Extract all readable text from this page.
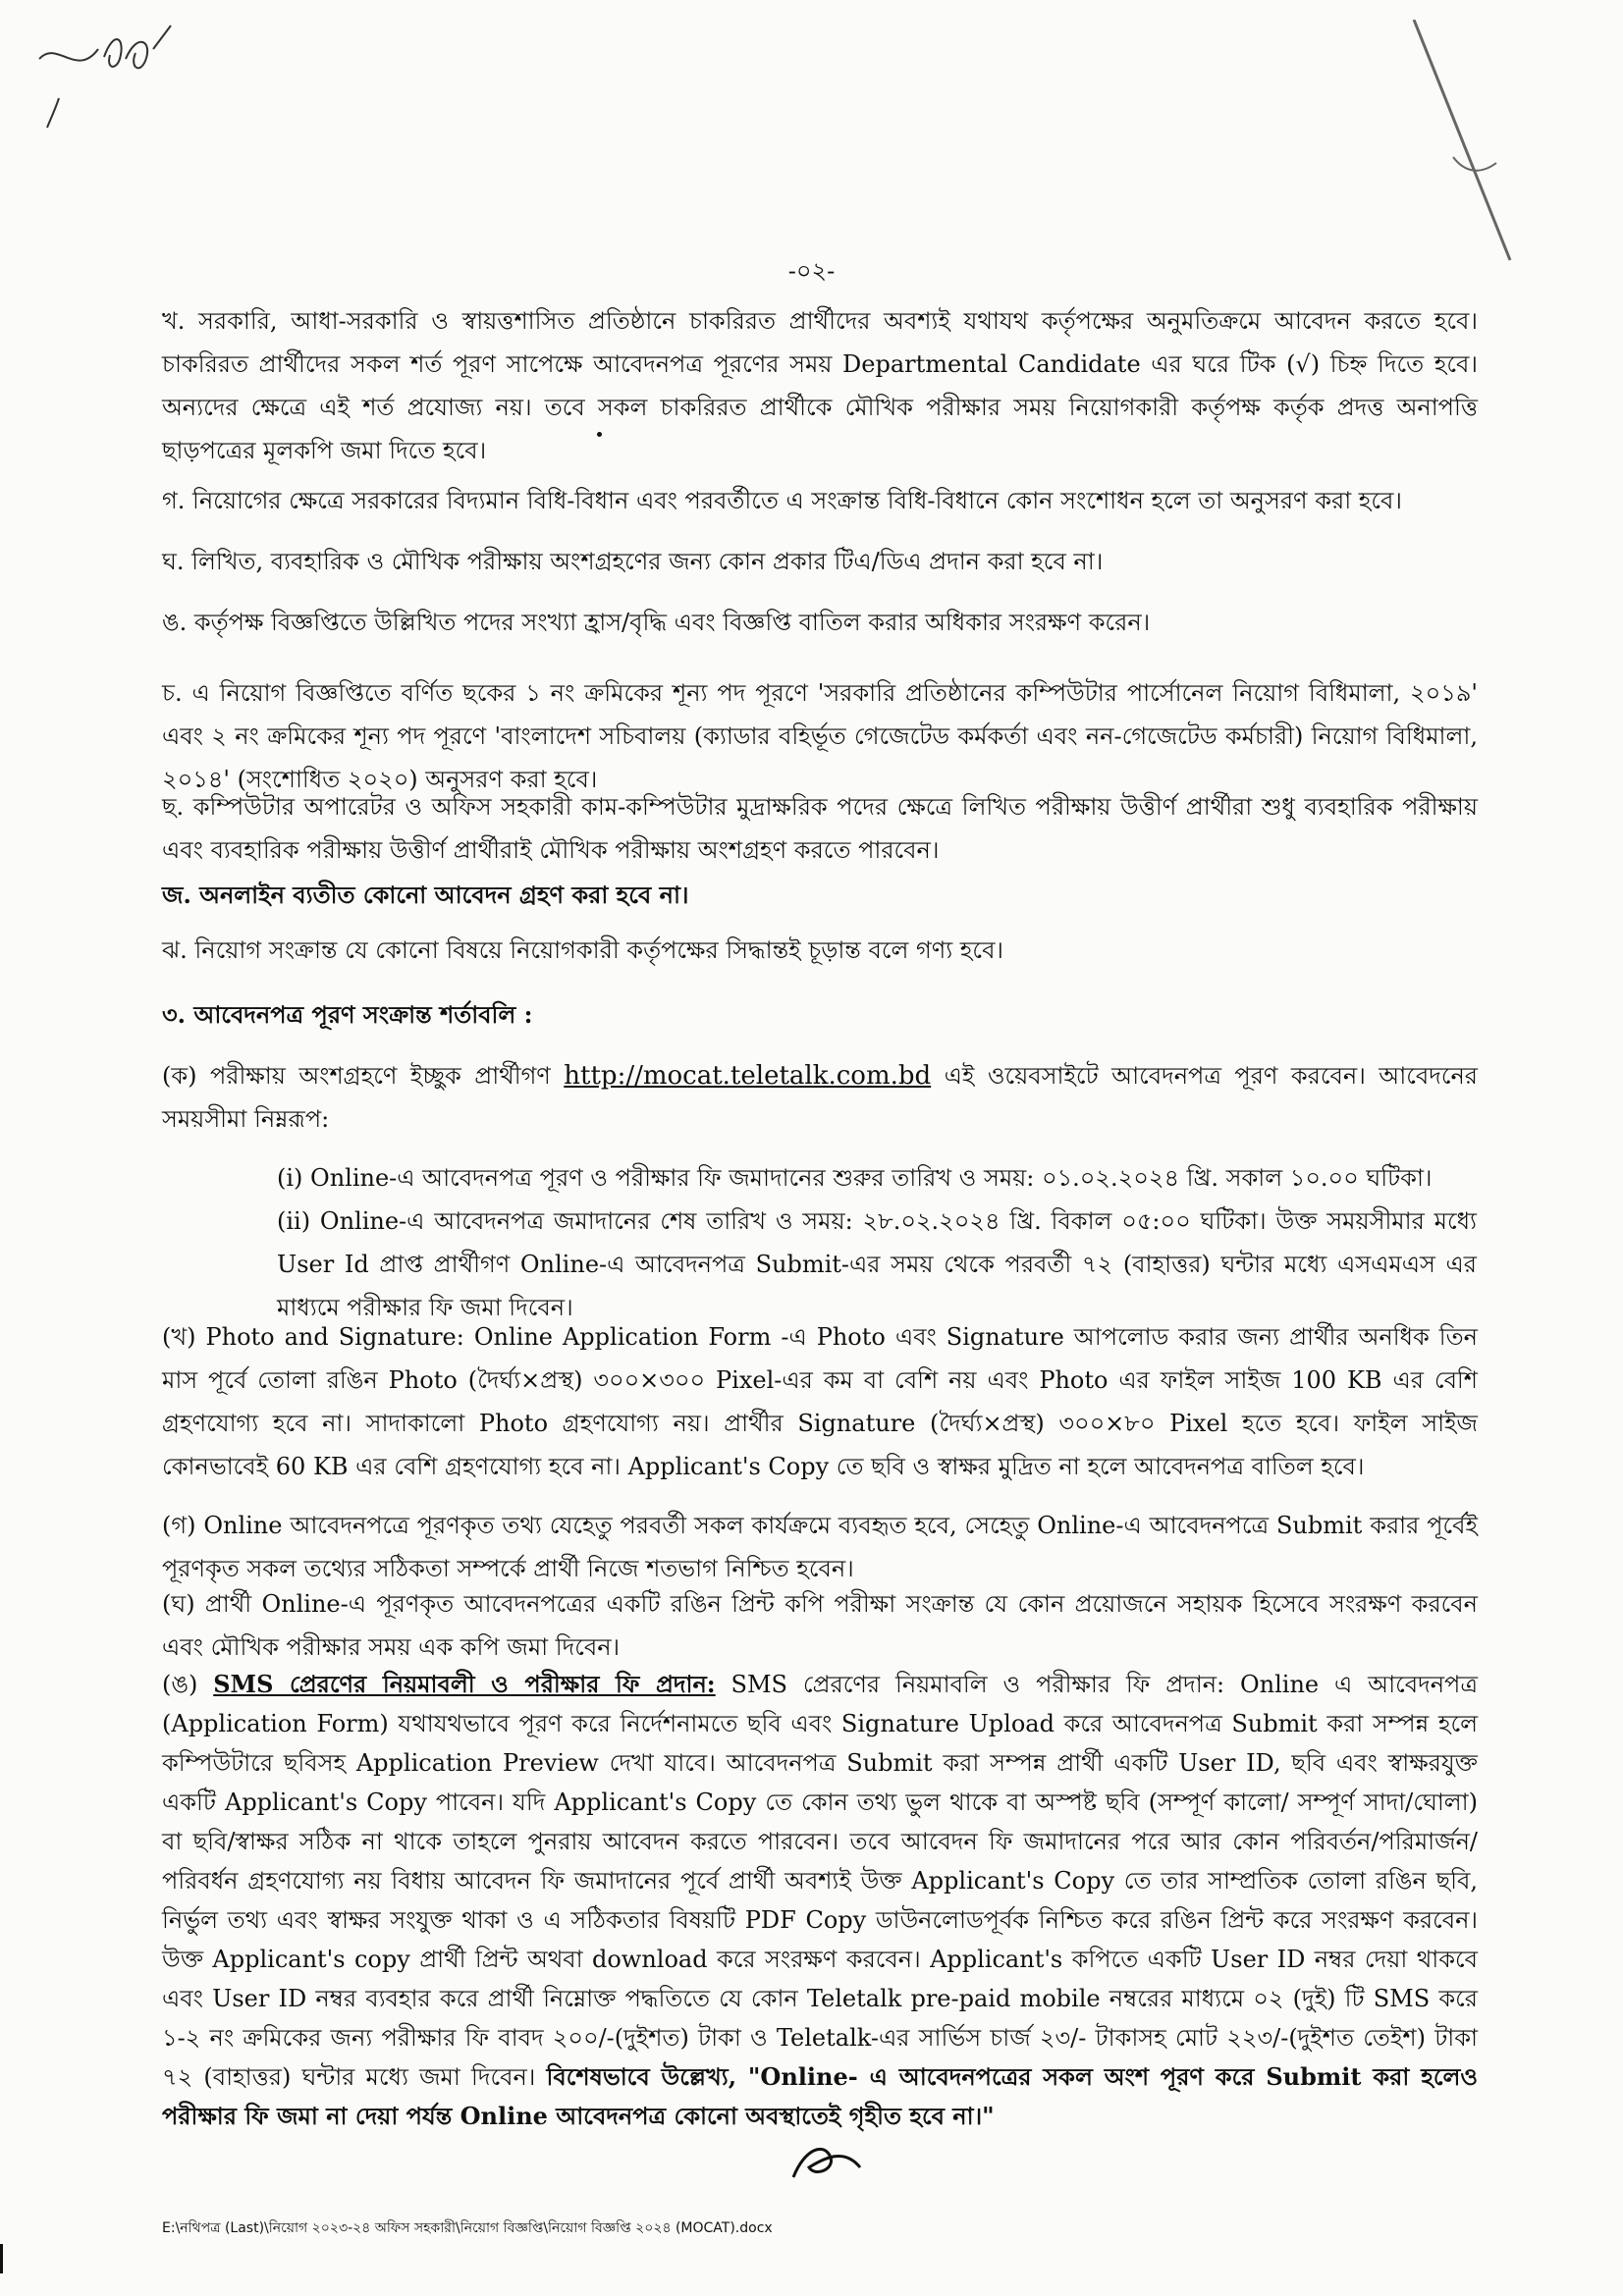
-০২-
খ. সরকারি, আধা-সরকারি ও স্বায়ত্তশাসিত প্রতিষ্ঠানে চাকরিরত প্রার্থীদের অবশ্যই যথাযথ কর্তৃপক্ষের অনুমতিক্রমে আবেদন করতে হবে। চাকরিরত প্রার্থীদের সকল শর্ত পূরণ সাপেক্ষে আবেদনপত্র পূরণের সময় Departmental Candidate এর ঘরে টিক (√) চিহ্ন দিতে হবে। অন্যদের ক্ষেত্রে এই শর্ত প্রযোজ্য নয়। তবে সকল চাকরিরত প্রার্থীকে মৌখিক পরীক্ষার সময় নিয়োগকারী কর্তৃপক্ষ কর্তৃক প্রদত্ত অনাপত্তি ছাড়পত্রের মূলকপি জমা দিতে হবে।
গ. নিয়োগের ক্ষেত্রে সরকারের বিদ্যমান বিধি-বিধান এবং পরবর্তীতে এ সংক্রান্ত বিধি-বিধানে কোন সংশোধন হলে তা অনুসরণ করা হবে।
ঘ. লিখিত, ব্যবহারিক ও মৌখিক পরীক্ষায় অংশগ্রহণের জন্য কোন প্রকার টিএ/ডিএ প্রদান করা হবে না।
ঙ. কর্তৃপক্ষ বিজ্ঞপ্তিতে উল্লিখিত পদের সংখ্যা হ্রাস/বৃদ্ধি এবং বিজ্ঞপ্তি বাতিল করার অধিকার সংরক্ষণ করেন।
চ. এ নিয়োগ বিজ্ঞপ্তিতে বর্ণিত ছকের ১ নং ক্রমিকের শূন্য পদ পূরণে 'সরকারি প্রতিষ্ঠানের কম্পিউটার পার্সোনেল নিয়োগ বিধিমালা, ২০১৯' এবং ২ নং ক্রমিকের শূন্য পদ পূরণে 'বাংলাদেশ সচিবালয় (ক্যাডার বহির্ভূত গেজেটেড কর্মকর্তা এবং নন-গেজেটেড কর্মচারী) নিয়োগ বিধিমালা, ২০১৪' (সংশোধিত ২০২০) অনুসরণ করা হবে।
ছ. কম্পিউটার অপারেটর ও অফিস সহকারী কাম-কম্পিউটার মুদ্রাক্ষরিক পদের ক্ষেত্রে লিখিত পরীক্ষায় উত্তীর্ণ প্রার্থীরা শুধু ব্যবহারিক পরীক্ষায় এবং ব্যবহারিক পরীক্ষায় উত্তীর্ণ প্রার্থীরাই মৌখিক পরীক্ষায় অংশগ্রহণ করতে পারবেন।
জ. অনলাইন ব্যতীত কোনো আবেদন গ্রহণ করা হবে না।
ঝ. নিয়োগ সংক্রান্ত যে কোনো বিষয়ে নিয়োগকারী কর্তৃপক্ষের সিদ্ধান্তই চূড়ান্ত বলে গণ্য হবে।
৩. আবেদনপত্র পূরণ সংক্রান্ত শর্তাবলি :
(ক) পরীক্ষায় অংশগ্রহণে ইচ্ছুক প্রার্থীগণ http://mocat.teletalk.com.bd এই ওয়েবসাইটে আবেদনপত্র পূরণ করবেন। আবেদনের সময়সীমা নিম্নরূপ:
(i) Online-এ আবেদনপত্র পূরণ ও পরীক্ষার ফি জমাদানের শুরুর তারিখ ও সময়: ০১.০২.২০২৪ খ্রি. সকাল ১০.০০ ঘটিকা।
(ii) Online-এ আবেদনপত্র জমাদানের শেষ তারিখ ও সময়: ২৮.০২.২০২৪ খ্রি. বিকাল ০৫:০০ ঘটিকা। উক্ত সময়সীমার মধ্যে User Id প্রাপ্ত প্রার্থীগণ Online-এ আবেদনপত্র Submit-এর সময় থেকে পরবর্তী ৭২ (বাহাত্তর) ঘন্টার মধ্যে এসএমএস এর মাধ্যমে পরীক্ষার ফি জমা দিবেন।
(খ) Photo and Signature: Online Application Form -এ Photo এবং Signature আপলোড করার জন্য প্রার্থীর অনধিক তিন মাস পূর্বে তোলা রঙিন Photo (দৈর্ঘ্য×প্রস্থ) ৩০০×৩০০ Pixel-এর কম বা বেশি নয় এবং Photo এর ফাইল সাইজ 100 KB এর বেশি গ্রহণযোগ্য হবে না। সাদাকালো Photo গ্রহণযোগ্য নয়। প্রার্থীর Signature (দৈর্ঘ্য×প্রস্থ) ৩০০×৮০ Pixel হতে হবে। ফাইল সাইজ কোনভাবেই 60 KB এর বেশি গ্রহণযোগ্য হবে না। Applicant's Copy তে ছবি ও স্বাক্ষর মুদ্রিত না হলে আবেদনপত্র বাতিল হবে।
(গ) Online আবেদনপত্রে পূরণকৃত তথ্য যেহেতু পরবর্তী সকল কার্যক্রমে ব্যবহৃত হবে, সেহেতু Online-এ আবেদনপত্রে Submit করার পূর্বেই পূরণকৃত সকল তথ্যের সঠিকতা সম্পর্কে প্রার্থী নিজে শতভাগ নিশ্চিত হবেন।
(ঘ) প্রার্থী Online-এ পূরণকৃত আবেদনপত্রের একটি রঙিন প্রিন্ট কপি পরীক্ষা সংক্রান্ত যে কোন প্রয়োজনে সহায়ক হিসেবে সংরক্ষণ করবেন এবং মৌখিক পরীক্ষার সময় এক কপি জমা দিবেন।
(ঙ) SMS প্রেরণের নিয়মাবলী ও পরীক্ষার ফি প্রদান: SMS প্রেরণের নিয়মাবলি ও পরীক্ষার ফি প্রদান: Online এ আবেদনপত্র (Application Form) যথাযথভাবে পূরণ করে নির্দেশনামতে ছবি এবং Signature Upload করে আবেদনপত্র Submit করা সম্পন্ন হলে কম্পিউটারে ছবিসহ Application Preview দেখা যাবে। আবেদনপত্র Submit করা সম্পন্ন প্রার্থী একটি User ID, ছবি এবং স্বাক্ষরযুক্ত একটি Applicant's Copy পাবেন। যদি Applicant's Copy তে কোন তথ্য ভুল থাকে বা অস্পষ্ট ছবি (সম্পূর্ণ কালো/ সম্পূর্ণ সাদা/ঘোলা) বা ছবি/স্বাক্ষর সঠিক না থাকে তাহলে পুনরায় আবেদন করতে পারবেন। তবে আবেদন ফি জমাদানের পরে আর কোন পরিবর্তন/পরিমার্জন/পরিবর্ধন গ্রহণযোগ্য নয় বিধায় আবেদন ফি জমাদানের পূর্বে প্রার্থী অবশ্যই উক্ত Applicant's Copy তে তার সাম্প্রতিক তোলা রঙিন ছবি, নির্ভুল তথ্য এবং স্বাক্ষর সংযুক্ত থাকা ও এ সঠিকতার বিষয়টি PDF Copy ডাউনলোডপূর্বক নিশ্চিত করে রঙিন প্রিন্ট করে সংরক্ষণ করবেন। উক্ত Applicant's copy প্রার্থী প্রিন্ট অথবা download করে সংরক্ষণ করবেন। Applicant's কপিতে একটি User ID নম্বর দেয়া থাকবে এবং User ID নম্বর ব্যবহার করে প্রার্থী নিম্নোক্ত পদ্ধতিতে যে কোন Teletalk pre-paid mobile নম্বরের মাধ্যমে ০২ (দুই) টি SMS করে ১-২ নং ক্রমিকের জন্য পরীক্ষার ফি বাবদ ২০০/-(দুইশত) টাকা ও Teletalk-এর সার্ভিস চার্জ ২৩/- টাকাসহ মোট ২২৩/-(দুইশত তেইশ) টাকা ৭২ (বাহাত্তর) ঘন্টার মধ্যে জমা দিবেন। বিশেষভাবে উল্লেখ্য, "Online- এ আবেদনপত্রের সকল অংশ পূরণ করে Submit করা হলেও পরীক্ষার ফি জমা না দেয়া পর্যন্ত Online আবেদনপত্র কোনো অবস্থাতেই গৃহীত হবে না।"
E:\নথিপত্র (Last)\নিয়োগ ২০২৩-২৪ অফিস সহকারী\নিয়োগ বিজ্ঞপ্তি\নিয়োগ বিজ্ঞপ্তি ২০২৪ (MOCAT).docx
